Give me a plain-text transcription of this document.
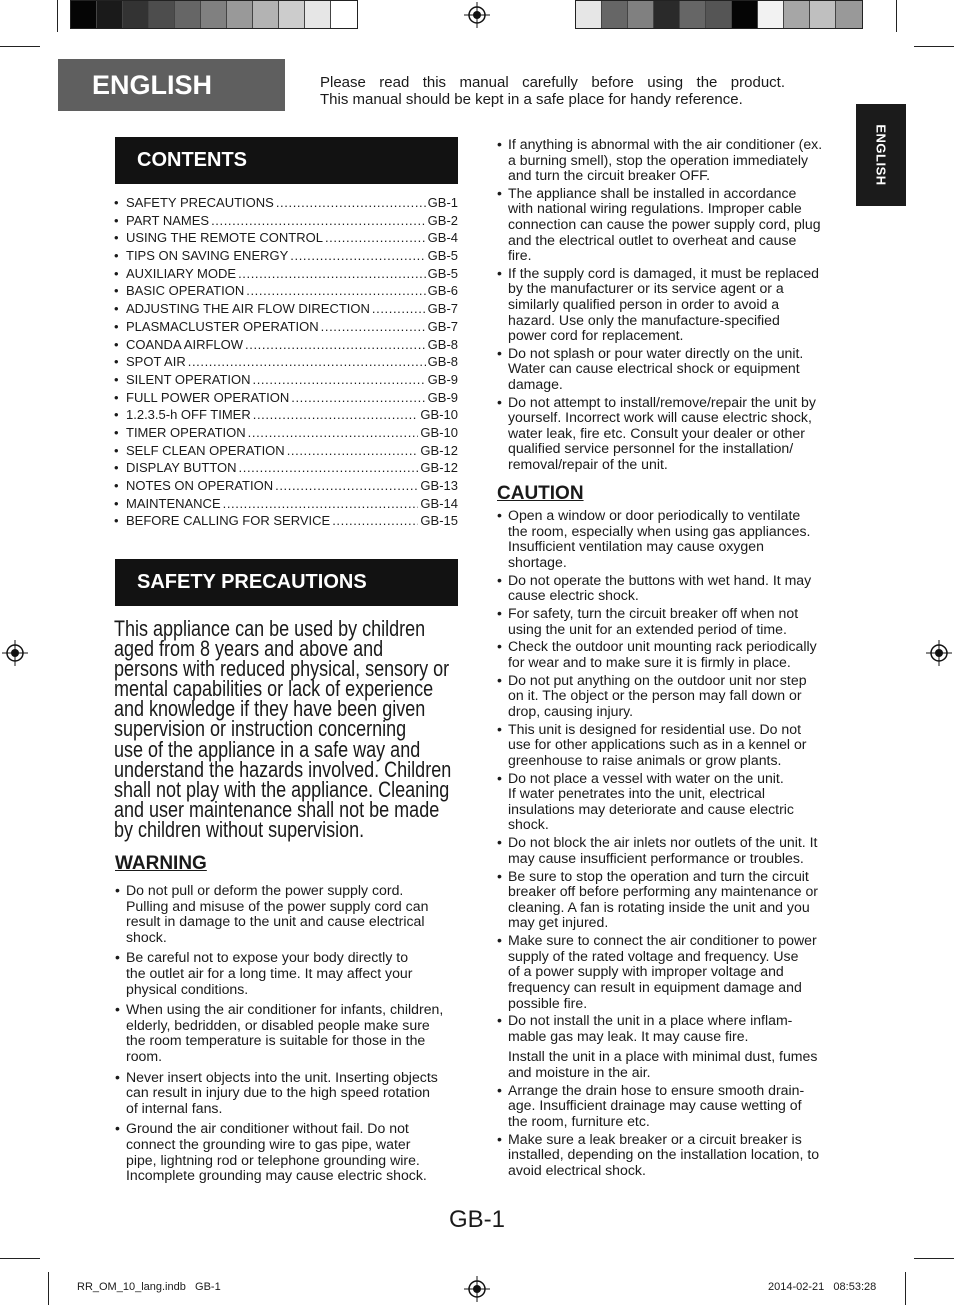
ENGLISH	Please read this manual carefully before using the product.
This manual should be kept in a safe place for handy reference.
ENGLISH
CONTENTS
• SAFETY PRECAUTIONS .....	GB-1
• PART NAMES .....	GB-2
• USING THE REMOTE CONTROL .....	GB-4
• TIPS ON SAVING ENERGY .....	GB-5
• AUXILIARY MODE .....	GB-5
• BASIC OPERATION .....	GB-6
• ADJUSTING THE AIR FLOW DIRECTION .....	GB-7
• PLASMACLUSTER OPERATION .....	GB-7
• COANDA AIRFLOW .....	GB-8
• SPOT AIR .....	GB-8
• SILENT OPERATION .....	GB-9
• FULL POWER OPERATION .....	GB-9
• 1.2.3.5-h OFF TIMER .....	GB-10
• TIMER OPERATION .....	GB-10
• SELF CLEAN OPERATION .....	GB-12
• DISPLAY BUTTON .....	GB-12
• NOTES ON OPERATION .....	GB-13
• MAINTENANCE .....	GB-14
• BEFORE CALLING FOR SERVICE .....	GB-15
SAFETY PRECAUTIONS
This appliance can be used by children
aged from 8 years and above and
persons with reduced physical, sensory or
mental capabilities or lack of experience
and knowledge if they have been given
supervision or instruction concerning
use of the appliance in a safe way and
understand the hazards involved. Children
shall not play with the appliance. Cleaning
and user maintenance shall not be made
by children without supervision.
WARNING
• Do not pull or deform the power supply cord.
Pulling and misuse of the power supply cord can
result in damage to the unit and cause electrical
shock.
• Be careful not to expose your body directly to
the outlet air for a long time. It may affect your
physical conditions.
• When using the air conditioner for infants, children,
elderly, bedridden, or disabled people make sure
the room temperature is suitable for those in the
room.
• Never insert objects into the unit. Inserting objects
can result in injury due to the high speed rotation
of internal fans.
• Ground the air conditioner without fail. Do not
connect the grounding wire to gas pipe, water
pipe, lightning rod or telephone grounding wire.
Incomplete grounding may cause electric shock.
• If anything is abnormal with the air conditioner (ex.
a burning smell), stop the operation immediately
and turn the circuit breaker OFF.
• The appliance shall be installed in accordance
with national wiring regulations. Improper cable
connection can cause the power supply cord, plug
and the electrical outlet to overheat and cause
fire.
• If the supply cord is damaged, it must be replaced
by the manufacturer or its service agent or a
similarly qualified person in order to avoid a
hazard. Use only the manufacture-specified
power cord for replacement.
• Do not splash or pour water directly on the unit.
Water can cause electrical shock or equipment
damage.
• Do not attempt to install/remove/repair the unit by
yourself. Incorrect work will cause electric shock,
water leak, fire etc. Consult your dealer or other
qualified service personnel for the installation/
removal/repair of the unit.
CAUTION
• Open a window or door periodically to ventilate
the room, especially when using gas appliances.
Insufficient ventilation may cause oxygen
shortage.
• Do not operate the buttons with wet hand. It may
cause electric shock.
• For safety, turn the circuit breaker off when not
using the unit for an extended period of time.
• Check the outdoor unit mounting rack periodically
for wear and to make sure it is firmly in place.
• Do not put anything on the outdoor unit nor step
on it. The object or the person may fall down or
drop, causing injury.
• This unit is designed for residential use. Do not
use for other applications such as in a kennel or
greenhouse to raise animals or grow plants.
• Do not place a vessel with water on the unit.
If water penetrates into the unit, electrical
insulations may deteriorate and cause electric
shock.
• Do not block the air inlets nor outlets of the unit. It
may cause insufficient performance or troubles.
• Be sure to stop the operation and turn the circuit
breaker off before performing any maintenance or
cleaning. A fan is rotating inside the unit and you
may get injured.
• Make sure to connect the air conditioner to power
supply of the rated voltage and frequency. Use
of a power supply with improper voltage and
frequency can result in equipment damage and
possible fire.
• Do not install the unit in a place where inflam-
mable gas may leak. It may cause fire.
Install the unit in a place with minimal dust, fumes
and moisture in the air.
• Arrange the drain hose to ensure smooth drain-
age. Insufficient drainage may cause wetting of
the room, furniture etc.
• Make sure a leak breaker or a circuit breaker is
installed, depending on the installation location, to
avoid electrical shock.
GB-1
RR_OM_10_lang.indb   GB-1	2014-02-21   08:53:28
